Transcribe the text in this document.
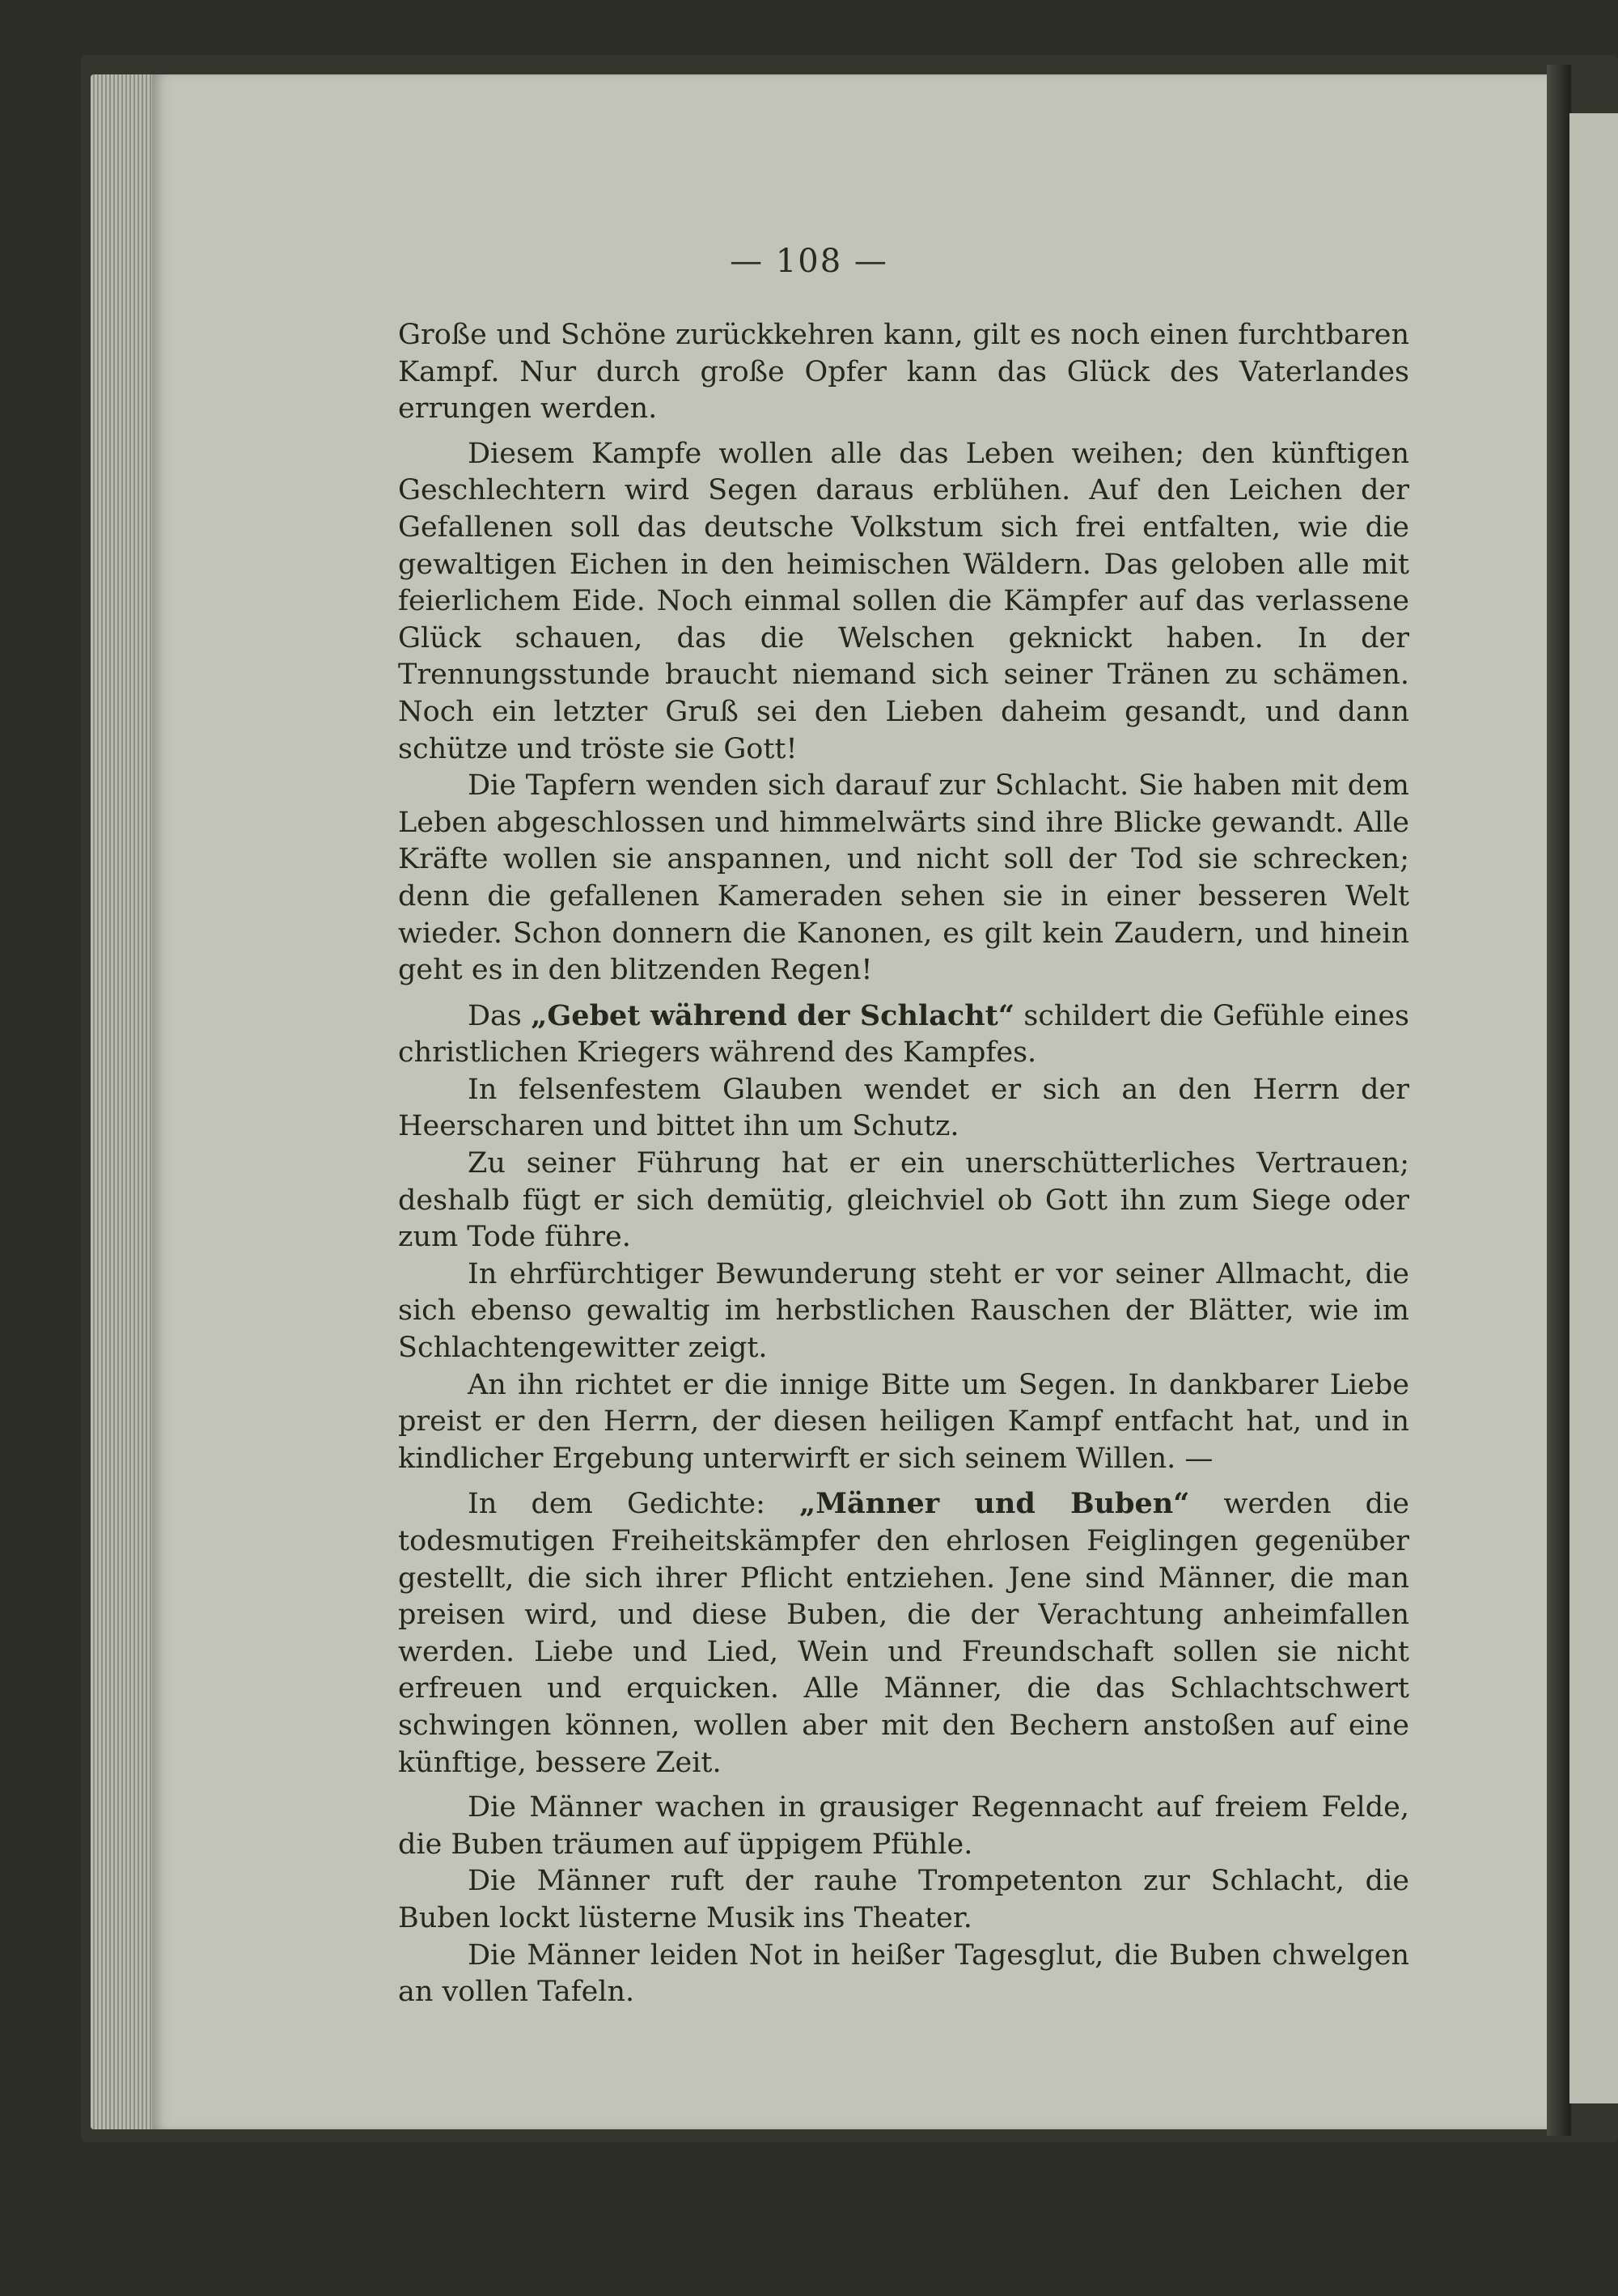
— 108 —

Große und Schöne zurückkehren kann, gilt es noch einen furchtbaren Kampf. Nur durch große Opfer kann das Glück des Vaterlandes errungen werden.

Diesem Kampfe wollen alle das Leben weihen; den künftigen Geschlechtern wird Segen daraus erblühen. Auf den Leichen der Gefallenen soll das deutsche Volkstum sich frei entfalten, wie die gewaltigen Eichen in den heimischen Wäldern. Das geloben alle mit feierlichem Eide. Noch einmal sollen die Kämpfer auf das verlassene Glück schauen, das die Welschen geknickt haben. In der Trennungsstunde braucht niemand sich seiner Tränen zu schämen. Noch ein letzter Gruß sei den Lieben daheim gesandt, und dann schütze und tröste sie Gott!

Die Tapfern wenden sich darauf zur Schlacht. Sie haben mit dem Leben abgeschlossen und himmelwärts sind ihre Blicke gewandt. Alle Kräfte wollen sie anspannen, und nicht soll der Tod sie schrecken; denn die gefallenen Kameraden sehen sie in einer besseren Welt wieder. Schon donnern die Kanonen, es gilt kein Zaudern, und hinein geht es in den blitzenden Regen!

Das „Gebet während der Schlacht“ schildert die Gefühle eines christlichen Kriegers während des Kampfes.

In felsenfestem Glauben wendet er sich an den Herrn der Heerscharen und bittet ihn um Schutz.

Zu seiner Führung hat er ein unerschütterliches Vertrauen; deshalb fügt er sich demütig, gleichviel ob Gott ihn zum Siege oder zum Tode führe.

In ehrfürchtiger Bewunderung steht er vor seiner Allmacht, die sich ebenso gewaltig im herbstlichen Rauschen der Blätter, wie im Schlachtengewitter zeigt.

An ihn richtet er die innige Bitte um Segen. In dankbarer Liebe preist er den Herrn, der diesen heiligen Kampf entfacht hat, und in kindlicher Ergebung unterwirft er sich seinem Willen. —

In dem Gedichte: „Männer und Buben“ werden die todesmutigen Freiheitskämpfer den ehrlosen Feiglingen gegenüber gestellt, die sich ihrer Pflicht entziehen. Jene sind Männer, die man preisen wird, und diese Buben, die der Verachtung anheimfallen werden. Liebe und Lied, Wein und Freundschaft sollen sie nicht erfreuen und erquicken. Alle Männer, die das Schlachtschwert schwingen können, wollen aber mit den Bechern anstoßen auf eine künftige, bessere Zeit.

Die Männer wachen in grausiger Regennacht auf freiem Felde, die Buben träumen auf üppigem Pfühle.

Die Männer ruft der rauhe Trompetenton zur Schlacht, die Buben lockt lüsterne Musik ins Theater.

Die Männer leiden Not in heißer Tagesglut, die Buben chwelgen an vollen Tafeln.
